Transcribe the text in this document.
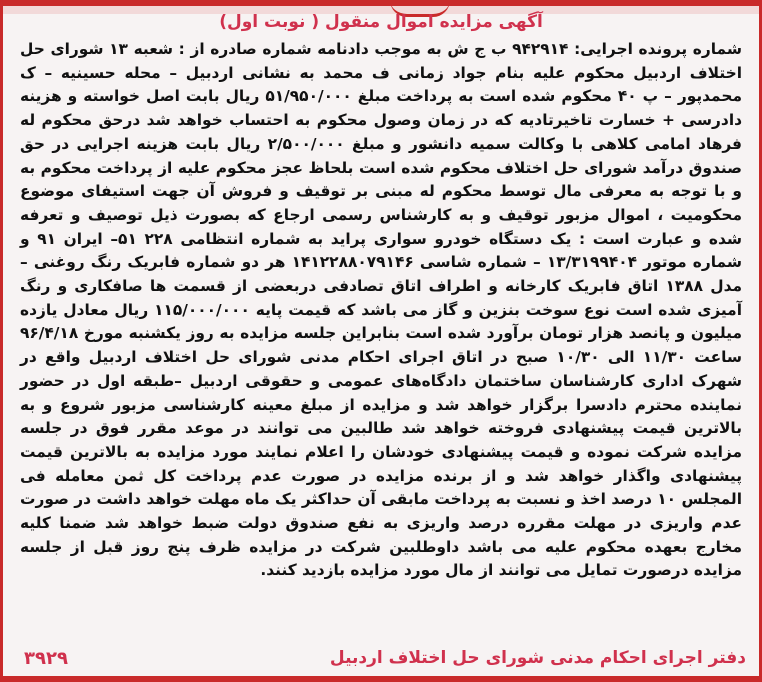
آگهی مزایده اموال منقول ( نوبت اول)
شماره پرونده اجرایی: ۹۴۲۹۱۴ ب ج ش به موجب دادنامه شماره صادره از : شعبه ۱۳ شورای حل اختلاف اردبیل محکوم علیه بنام جواد زمانی ف محمد به نشانی اردبیل – محله حسینیه – ک محمدپور – پ ۴۰ محکوم شده است به پرداخت مبلغ ۵۱/۹۵۰/۰۰۰ ریال بابت اصل خواسته و هزینه دادرسی + خسارت تاخیرتادیه که در زمان وصول محکوم به احتساب خواهد شد درحق محکوم له فرهاد امامی کلاهی با وکالت سمیه دانشور و مبلغ ۲/۵۰۰/۰۰۰ ریال بابت هزینه اجرایی در حق صندوق درآمد شورای حل اختلاف محکوم شده است بلحاظ عجز محکوم علیه از پرداخت محکوم به و با توجه به معرفی مال توسط محکوم له مبنی بر توقیف و فروش آن جهت استیفای موضوع محکومیت ، اموال مزبور توقیف و به کارشناس رسمی ارجاع که بصورت ذیل توصیف و تعرفه شده و عبارت است : یک دستگاه خودرو سواری پراید به شماره انتظامی ۲۲۸ ۵۱– ایران ۹۱ و شماره موتور ۱۳/۳۱۹۹۴۰۴ – شماره شاسی ۱۴۱۲۲۸۸۰۷۹۱۴۶ هر دو شماره فابریک رنگ روغنی – مدل ۱۳۸۸ اتاق فابریک کارخانه و اطراف اتاق تصادفی دربعضی از قسمت ها صافکاری و رنگ آمیزی شده است نوع سوخت بنزین و گاز می باشد که قیمت پایه ۱۱۵/۰۰۰/۰۰۰ ریال معادل یازده میلیون و پانصد هزار تومان برآورد شده است بنابراین جلسه مزایده به روز یکشنبه مورخ ۹۶/۴/۱۸ ساعت ۱۱/۳۰ الی ۱۰/۳۰ صبح در اتاق اجرای احکام مدنی شورای حل اختلاف اردبیل واقع در شهرک اداری کارشناسان ساختمان دادگاه‌های عمومی و حقوقی اردبیل –طبقه اول در حضور نماینده محترم دادسرا برگزار خواهد شد و مزایده از مبلغ معینه کارشناسی مزبور شروع و به بالاترین قیمت پیشنهادی فروخته خواهد شد طالبین می توانند در موعد مقرر فوق در جلسه مزایده شرکت نموده و قیمت پیشنهادی خودشان را اعلام نمایند مورد مزایده به بالاترین قیمت پیشنهادی واگذار خواهد شد و از برنده مزایده در صورت عدم پرداخت کل ثمن معامله فی المجلس ۱۰ درصد اخذ و نسبت به پرداخت مابقی آن حداکثر یک ماه مهلت خواهد داشت در صورت عدم واریزی در مهلت مقرره درصد واریزی به نفع صندوق دولت ضبط خواهد شد ضمنا کلیه مخارج بعهده محکوم علیه می باشد داوطلبین شرکت در مزایده ظرف پنج روز قبل از جلسه مزایده درصورت تمایل می توانند از مال مورد مزایده بازدید کنند.
دفتر اجرای احکام مدنی شورای حل اختلاف اردبیل
۳۹۲۹
